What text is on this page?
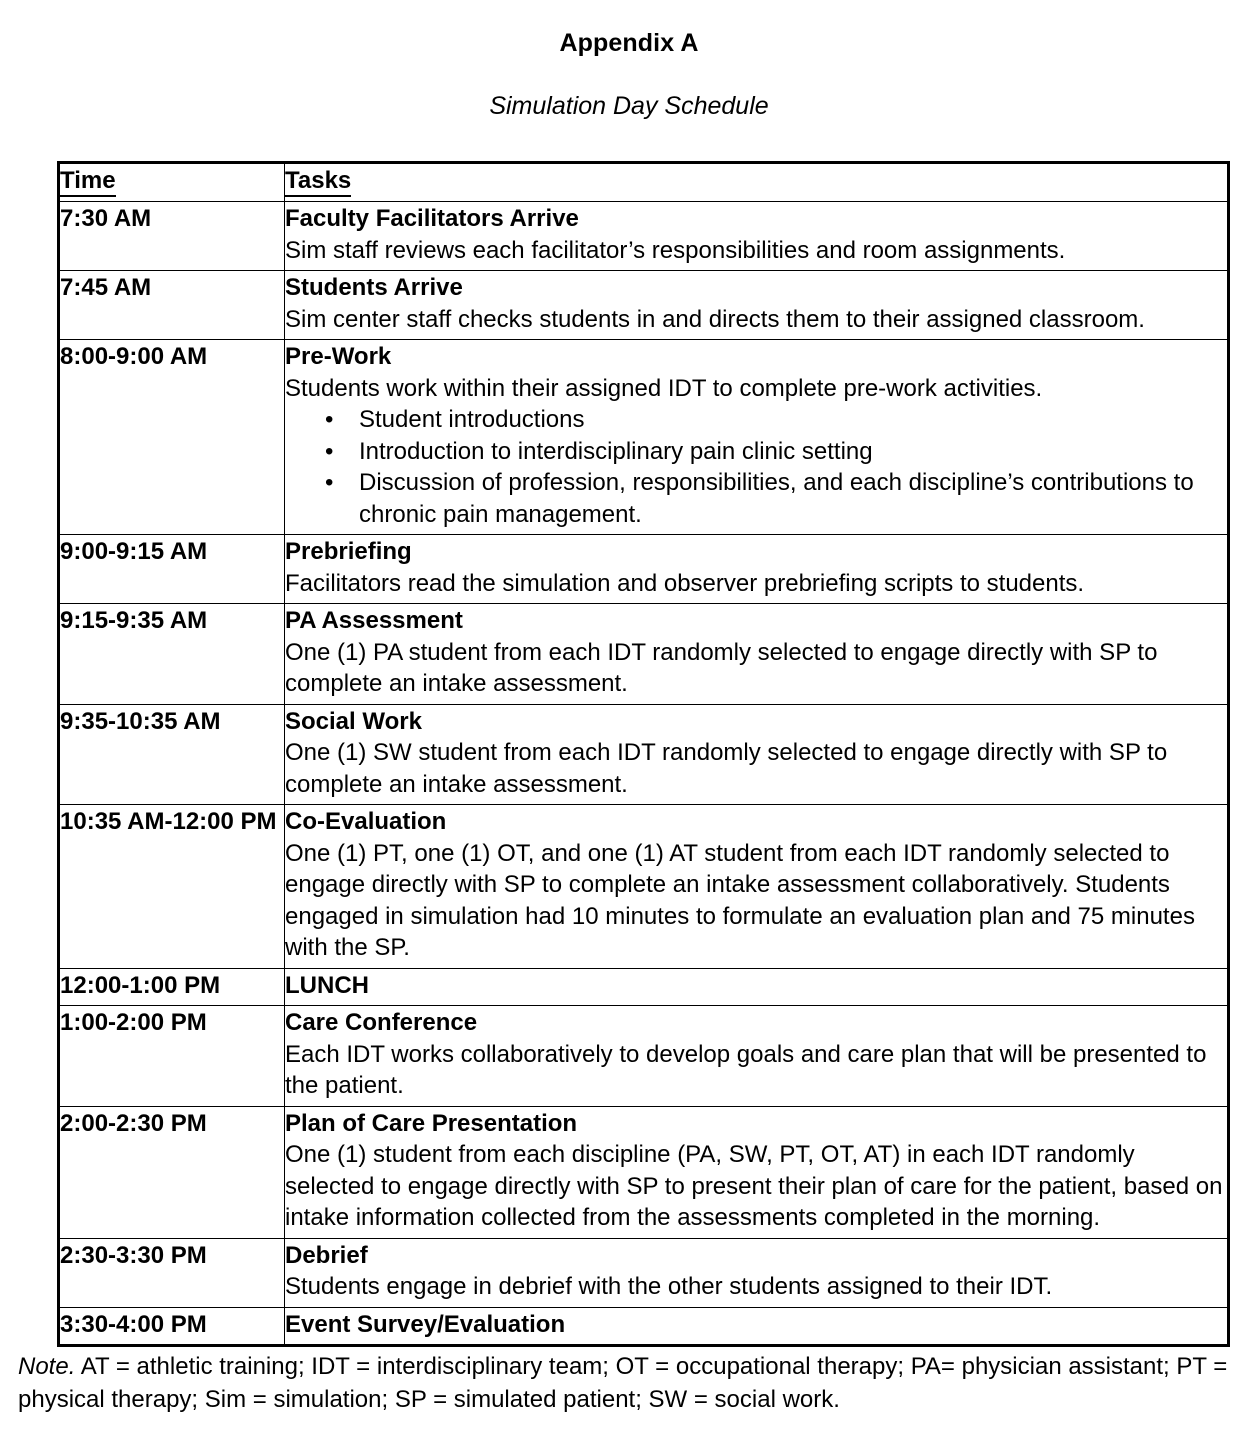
Appendix A
Simulation Day Schedule
Time	Tasks
7:30 AM	Faculty Facilitators Arrive
Sim staff reviews each facilitator’s responsibilities and room assignments.

7:45 AM	Students Arrive
Sim center staff checks students in and directs them to their assigned classroom.

8:00-9:00 AM	Pre-Work
Students work within their assigned IDT to complete pre-work activities.
• Student introductions
• Introduction to interdisciplinary pain clinic setting
• Discussion of profession, responsibilities, and each discipline’s contributions to chronic pain management.

9:00-9:15 AM	Prebriefing
Facilitators read the simulation and observer prebriefing scripts to students.

9:15-9:35 AM	PA Assessment
One (1) PA student from each IDT randomly selected to engage directly with SP to complete an intake assessment.

9:35-10:35 AM	Social Work
One (1) SW student from each IDT randomly selected to engage directly with SP to complete an intake assessment.

10:35 AM-12:00 PM	Co-Evaluation
One (1) PT, one (1) OT, and one (1) AT student from each IDT randomly selected to engage directly with SP to complete an intake assessment collaboratively. Students engaged in simulation had 10 minutes to formulate an evaluation plan and 75 minutes with the SP.

12:00-1:00 PM	LUNCH

1:00-2:00 PM	Care Conference
Each IDT works collaboratively to develop goals and care plan that will be presented to the patient.

2:00-2:30 PM	Plan of Care Presentation
One (1) student from each discipline (PA, SW, PT, OT, AT) in each IDT randomly selected to engage directly with SP to present their plan of care for the patient, based on intake information collected from the assessments completed in the morning.

2:30-3:30 PM	Debrief
Students engage in debrief with the other students assigned to their IDT.

3:30-4:00 PM	Event Survey/Evaluation
Note. AT = athletic training; IDT = interdisciplinary team; OT = occupational therapy; PA= physician assistant; PT = physical therapy; Sim = simulation; SP = simulated patient; SW = social work.
